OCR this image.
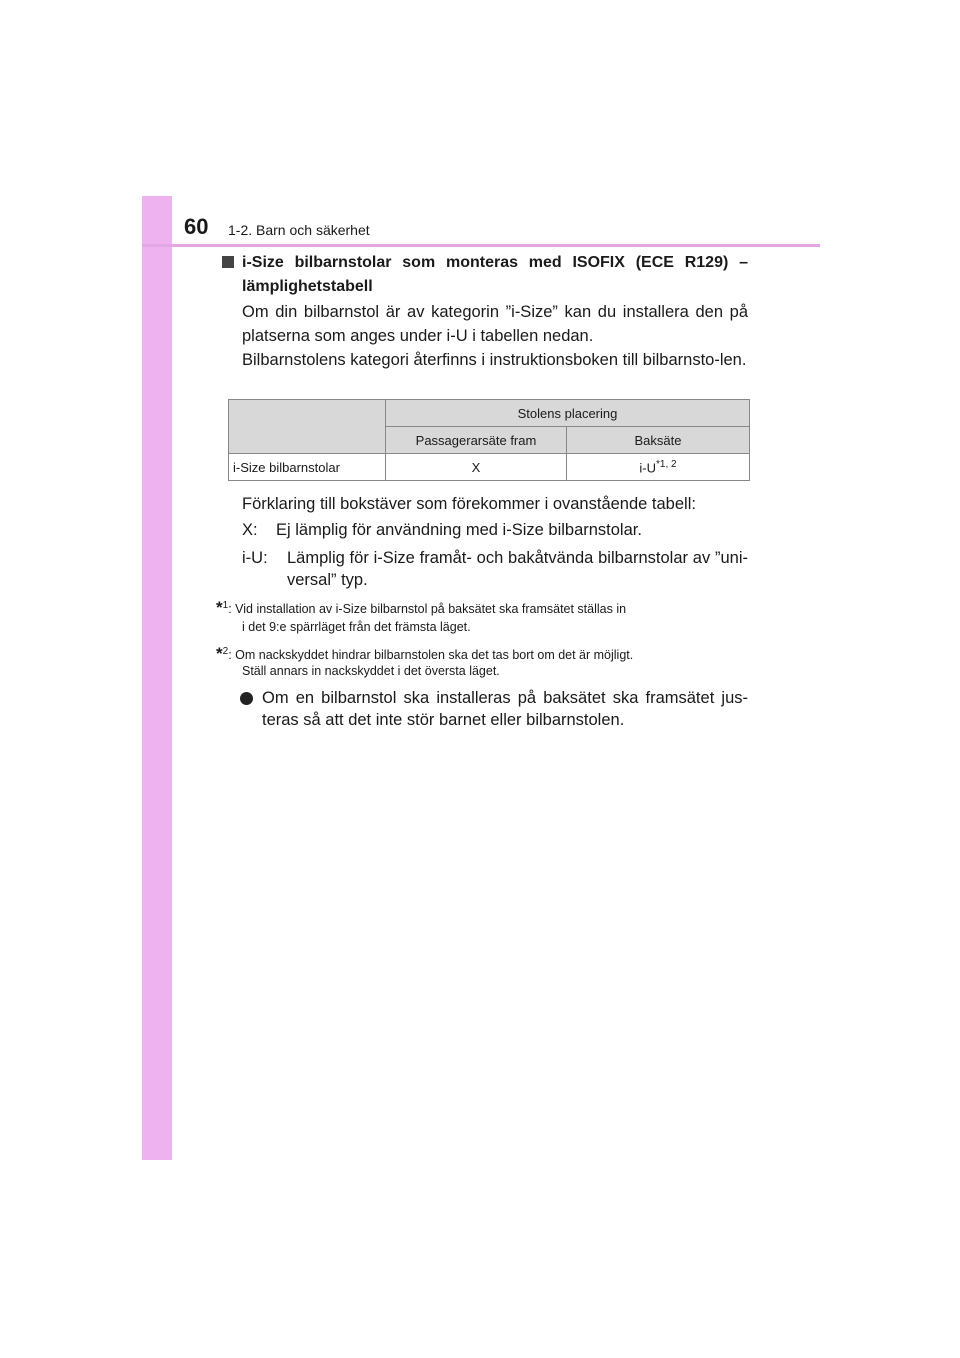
60 1-2. Barn och säkerhet
i-Size bilbarnstolar som monteras med ISOFIX (ECE R129) – lämplighetstabell
Om din bilbarnstol är av kategorin ”i-Size” kan du installera den på platserna som anges under i-U i tabellen nedan.
Bilbarnstolens kategori återfinns i instruktionsboken till bilbarnsto-len.
	Stolens placering	
	Passagerarsäte fram	Baksäte
i-Size bilbarnstolar	X	$i-U^{*1, 2}$
Förklaring till bokstäver som förekommer i ovanstående tabell:
X: Ej lämplig för användning med i-Size bilbarnstolar.
i-U: Lämplig för i-Size framåt- och bakåtvända bilbarnstolar av ”uni-
versal” typ.
*$^1$: Vid installation av i-Size bilbarnstol på baksätet ska framsätet ställas in
i det 9:e spärrläget från det främsta läget.
*$^2$: Om nackskyddet hindrar bilbarnstolen ska det tas bort om det är möjligt.
Ställ annars in nackskyddet i det översta läget.
Om en bilbarnstol ska installeras på baksätet ska framsätet jus-
teras så att det inte stör barnet eller bilbarnstolen.
